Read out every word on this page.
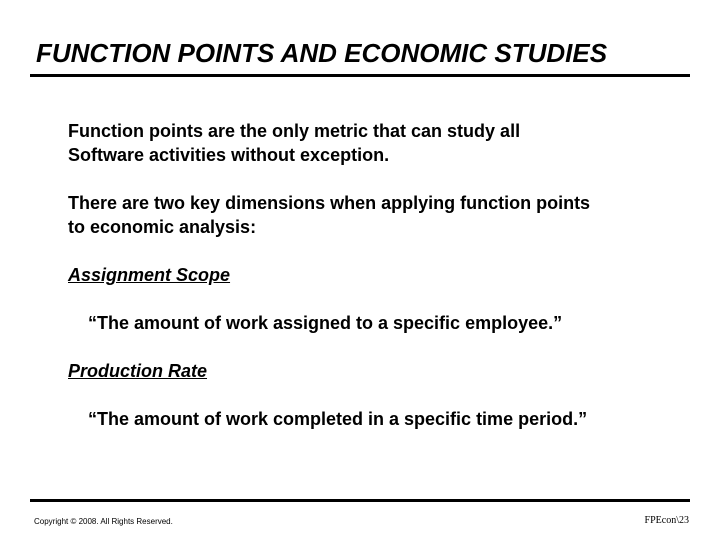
FUNCTION POINTS AND ECONOMIC STUDIES
Function points are the only metric that can study all
Software activities without exception.
There are two key dimensions when applying function points
to economic analysis:
Assignment Scope
“The amount of work assigned to a specific employee.”
Production Rate
“The amount of work completed in a specific time period.”
Copyright © 2008. All Rights Reserved.	FPEcon\23
